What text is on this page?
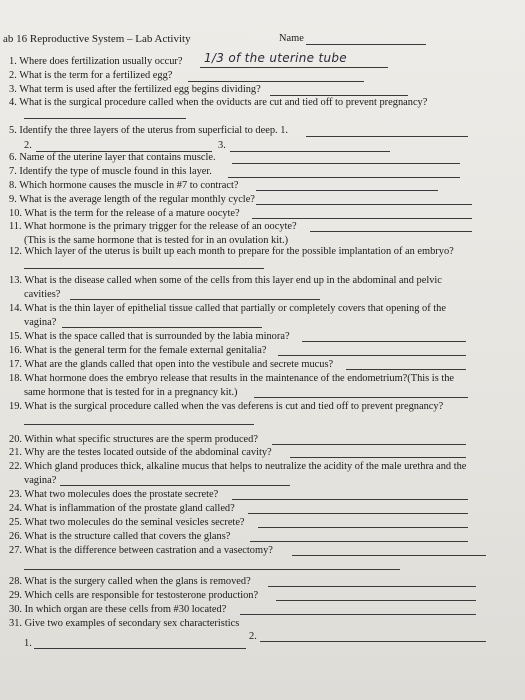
ab 16 Reproductive System – Lab Activity	Name
1. Where does fertilization usually occur? 1/3 of the uterine tube
2. What is the term for a fertilized egg?
3. What term is used after the fertilized egg begins dividing?
4. What is the surgical procedure called when the oviducts are cut and tied off to prevent pregnancy?
5. Identify the three layers of the uterus from superficial to deep. 1.
2.	3.
6. Name of the uterine layer that contains muscle.
7. Identify the type of muscle found in this layer.
8. Which hormone causes the muscle in #7 to contract?
9. What is the average length of the regular monthly cycle?
10. What is the term for the release of a mature oocyte?
11. What hormone is the primary trigger for the release of an oocyte?
(This is the same hormone that is tested for in an ovulation kit.)
12. Which layer of the uterus is built up each month to prepare for the possible implantation of an embryo?
13. What is the disease called when some of the cells from this layer end up in the abdominal and pelvic
cavities?
14. What is the thin layer of epithelial tissue called that partially or completely covers that opening of the
vagina?
15. What is the space called that is surrounded by the labia minora?
16. What is the general term for the female external genitalia?
17. What are the glands called that open into the vestibule and secrete mucus?
18. What hormone does the embryo release that results in the maintenance of the endometrium?(This is the
same hormone that is tested for in a pregnancy kit.)
19. What is the surgical procedure called when the vas deferens is cut and tied off to prevent pregnancy?
20. Within what specific structures are the sperm produced?
21. Why are the testes located outside of the abdominal cavity?
22. Which gland produces thick, alkaline mucus that helps to neutralize the acidity of the male urethra and the
vagina?
23. What two molecules does the prostate secrete?
24. What is inflammation of the prostate gland called?
25. What two molecules do the seminal vesicles secrete?
26. What is the structure called that covers the glans?
27. What is the difference between castration and a vasectomy?
28. What is the surgery called when the glans is removed?
29. Which cells are responsible for testosterone production?
30. In which organ are these cells from #30 located?
31. Give two examples of secondary sex characteristics
1.
2.
